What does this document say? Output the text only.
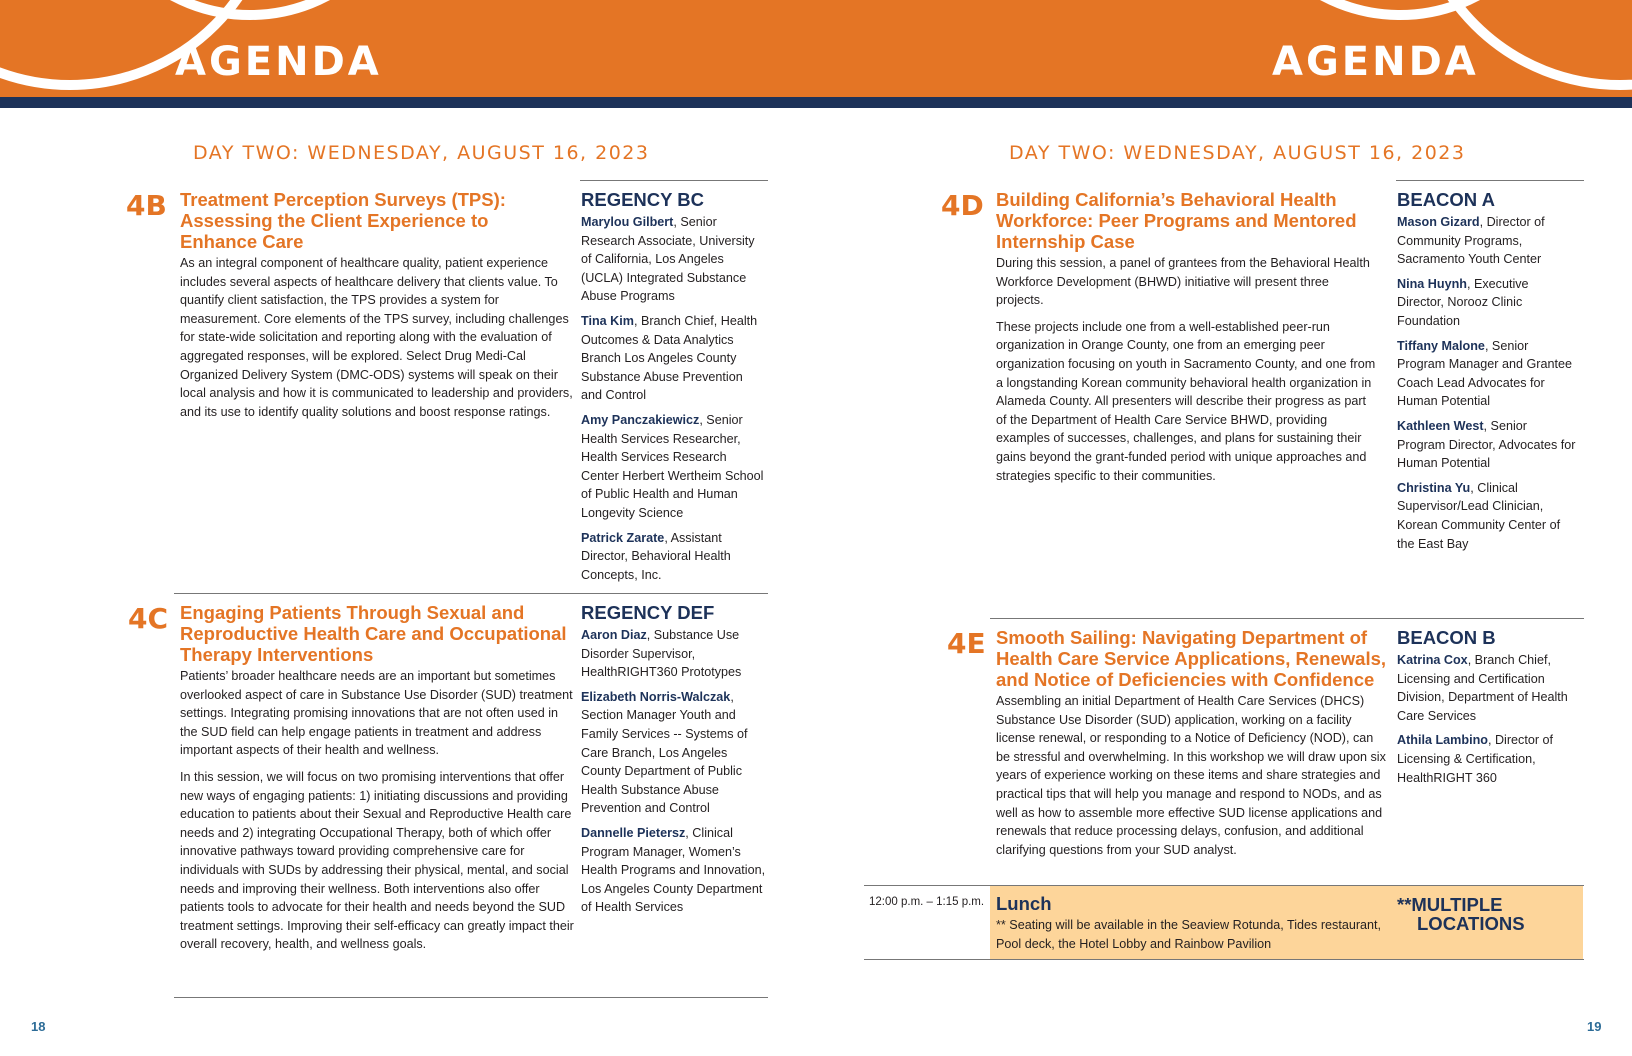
AGENDA	AGENDA
DAY TWO: WEDNESDAY, AUGUST 16, 2023
4B Treatment Perception Surveys (TPS):
Assessing the Client Experience to
Enhance Care

As an integral component of healthcare quality, patient experience includes several aspects of healthcare delivery that clients value. To quantify client satisfaction, the TPS provides a system for measurement. Core elements of the TPS survey, including challenges for state-wide solicitation and reporting along with the evaluation of aggregated responses, will be explored. Select Drug Medi-Cal Organized Delivery System (DMC-ODS) systems will speak on their local analysis and how it is communicated to leadership and providers, and its use to identify quality solutions and boost response ratings.

REGENCY BC
Marylou Gilbert, Senior Research Associate, University of California, Los Angeles (UCLA) Integrated Substance Abuse Programs
Tina Kim, Branch Chief, Health Outcomes & Data Analytics Branch Los Angeles County Substance Abuse Prevention and Control
Amy Panczakiewicz, Senior Health Services Researcher, Health Services Research Center Herbert Wertheim School of Public Health and Human Longevity Science
Patrick Zarate, Assistant Director, Behavioral Health Concepts, Inc.
4C Engaging Patients Through Sexual and
Reproductive Health Care and Occupational
Therapy Interventions

Patients’ broader healthcare needs are an important but sometimes overlooked aspect of care in Substance Use Disorder (SUD) treatment settings. Integrating promising innovations that are not often used in the SUD field can help engage patients in treatment and address important aspects of their health and wellness.

In this session, we will focus on two promising interventions that offer new ways of engaging patients: 1) initiating discussions and providing education to patients about their Sexual and Reproductive Health care needs and 2) integrating Occupational Therapy, both of which offer innovative pathways toward providing comprehensive care for individuals with SUDs by addressing their physical, mental, and social needs and improving their wellness. Both interventions also offer patients tools to advocate for their health and needs beyond the SUD treatment settings. Improving their self-efficacy can greatly impact their overall recovery, health, and wellness goals.

REGENCY DEF
Aaron Diaz, Substance Use Disorder Supervisor, HealthRIGHT360 Prototypes
Elizabeth Norris-Walczak, Section Manager Youth and Family Services -- Systems of Care Branch, Los Angeles County Department of Public Health Substance Abuse Prevention and Control
Dannelle Pietersz, Clinical Program Manager, Women’s Health Programs and Innovation, Los Angeles County Department of Health Services
18
DAY TWO: WEDNESDAY, AUGUST 16, 2023
4D Building California’s Behavioral Health
Workforce: Peer Programs and Mentored
Internship Case

During this session, a panel of grantees from the Behavioral Health Workforce Development (BHWD) initiative will present three projects.

These projects include one from a well-established peer-run organization in Orange County, one from an emerging peer organization focusing on youth in Sacramento County, and one from a longstanding Korean community behavioral health organization in Alameda County. All presenters will describe their progress as part of the Department of Health Care Service BHWD, providing examples of successes, challenges, and plans for sustaining their gains beyond the grant-funded period with unique approaches and strategies specific to their communities.

BEACON A
Mason Gizard, Director of Community Programs, Sacramento Youth Center
Nina Huynh, Executive Director, Norooz Clinic Foundation
Tiffany Malone, Senior Program Manager and Grantee Coach Lead Advocates for Human Potential
Kathleen West, Senior Program Director, Advocates for Human Potential
Christina Yu, Clinical Supervisor/Lead Clinician, Korean Community Center of the East Bay
4E Smooth Sailing: Navigating Department of
Health Care Service Applications, Renewals,
and Notice of Deficiencies with Confidence

Assembling an initial Department of Health Care Services (DHCS) Substance Use Disorder (SUD) application, working on a facility license renewal, or responding to a Notice of Deficiency (NOD), can be stressful and overwhelming. In this workshop we will draw upon six years of experience working on these items and share strategies and practical tips that will help you manage and respond to NODs, and as well as how to assemble more effective SUD license applications and renewals that reduce processing delays, confusion, and additional clarifying questions from your SUD analyst.

BEACON B
Katrina Cox, Branch Chief, Licensing and Certification Division, Department of Health Care Services
Athila Lambino, Director of Licensing & Certification, HealthRIGHT 360
12:00 p.m. – 1:15 p.m. Lunch
** Seating will be available in the Seaview Rotunda, Tides restaurant, Pool deck, the Hotel Lobby and Rainbow Pavilion
**MULTIPLE
LOCATIONS
19
